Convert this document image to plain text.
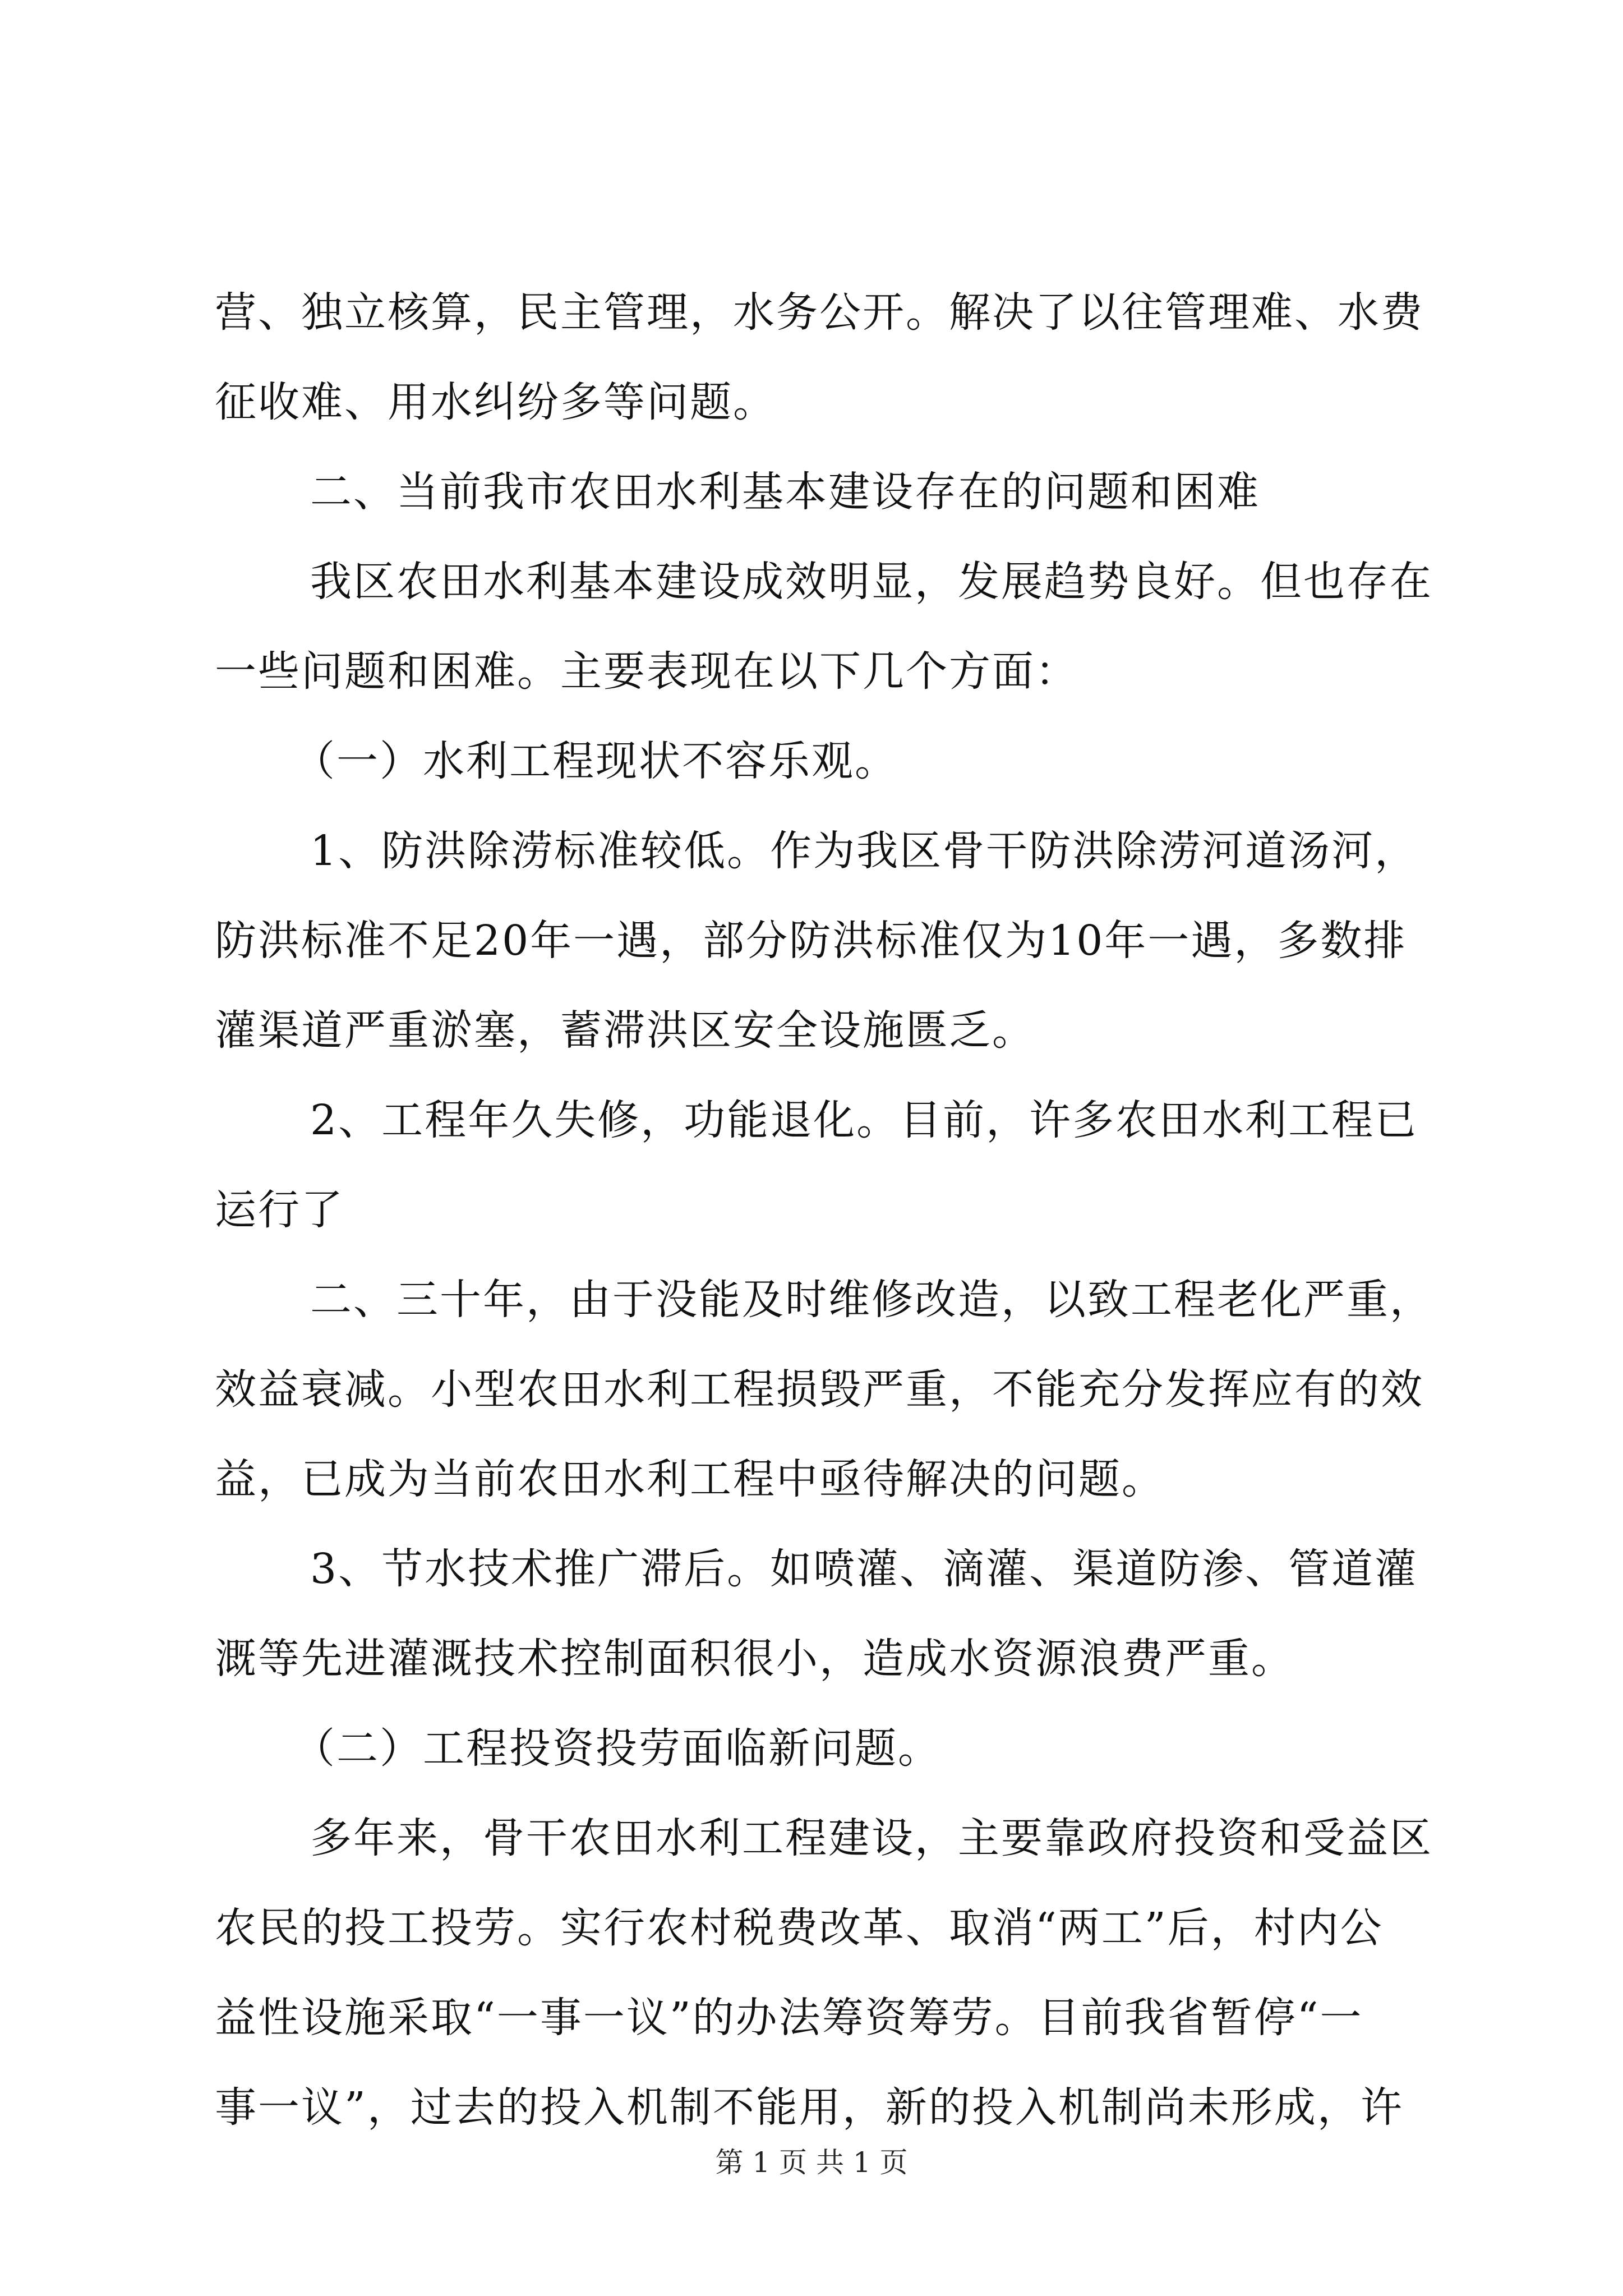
营、独立核算，民主管理，水务公开。解决了以往管理难、水费
征收难、用水纠纷多等问题。
二、当前我市农田水利基本建设存在的问题和困难
我区农田水利基本建设成效明显，发展趋势良好。但也存在
一些问题和困难。主要表现在以下几个方面：
（一）水利工程现状不容乐观。
1、防洪除涝标准较低。作为我区骨干防洪除涝河道汤河，
防洪标准不足20年一遇，部分防洪标准仅为10年一遇，多数排
灌渠道严重淤塞，蓄滞洪区安全设施匮乏。
2、工程年久失修，功能退化。目前，许多农田水利工程已
运行了
二、三十年，由于没能及时维修改造，以致工程老化严重，
效益衰减。小型农田水利工程损毁严重，不能充分发挥应有的效
益，已成为当前农田水利工程中亟待解决的问题。
3、节水技术推广滞后。如喷灌、滴灌、渠道防渗、管道灌
溉等先进灌溉技术控制面积很小，造成水资源浪费严重。
（二）工程投资投劳面临新问题。
多年来，骨干农田水利工程建设，主要靠政府投资和受益区
农民的投工投劳。实行农村税费改革、取消“两工”后，村内公
益性设施采取“一事一议”的办法筹资筹劳。目前我省暂停“一
事一议”，过去的投入机制不能用，新的投入机制尚未形成，许
第 1 页 共 1 页
